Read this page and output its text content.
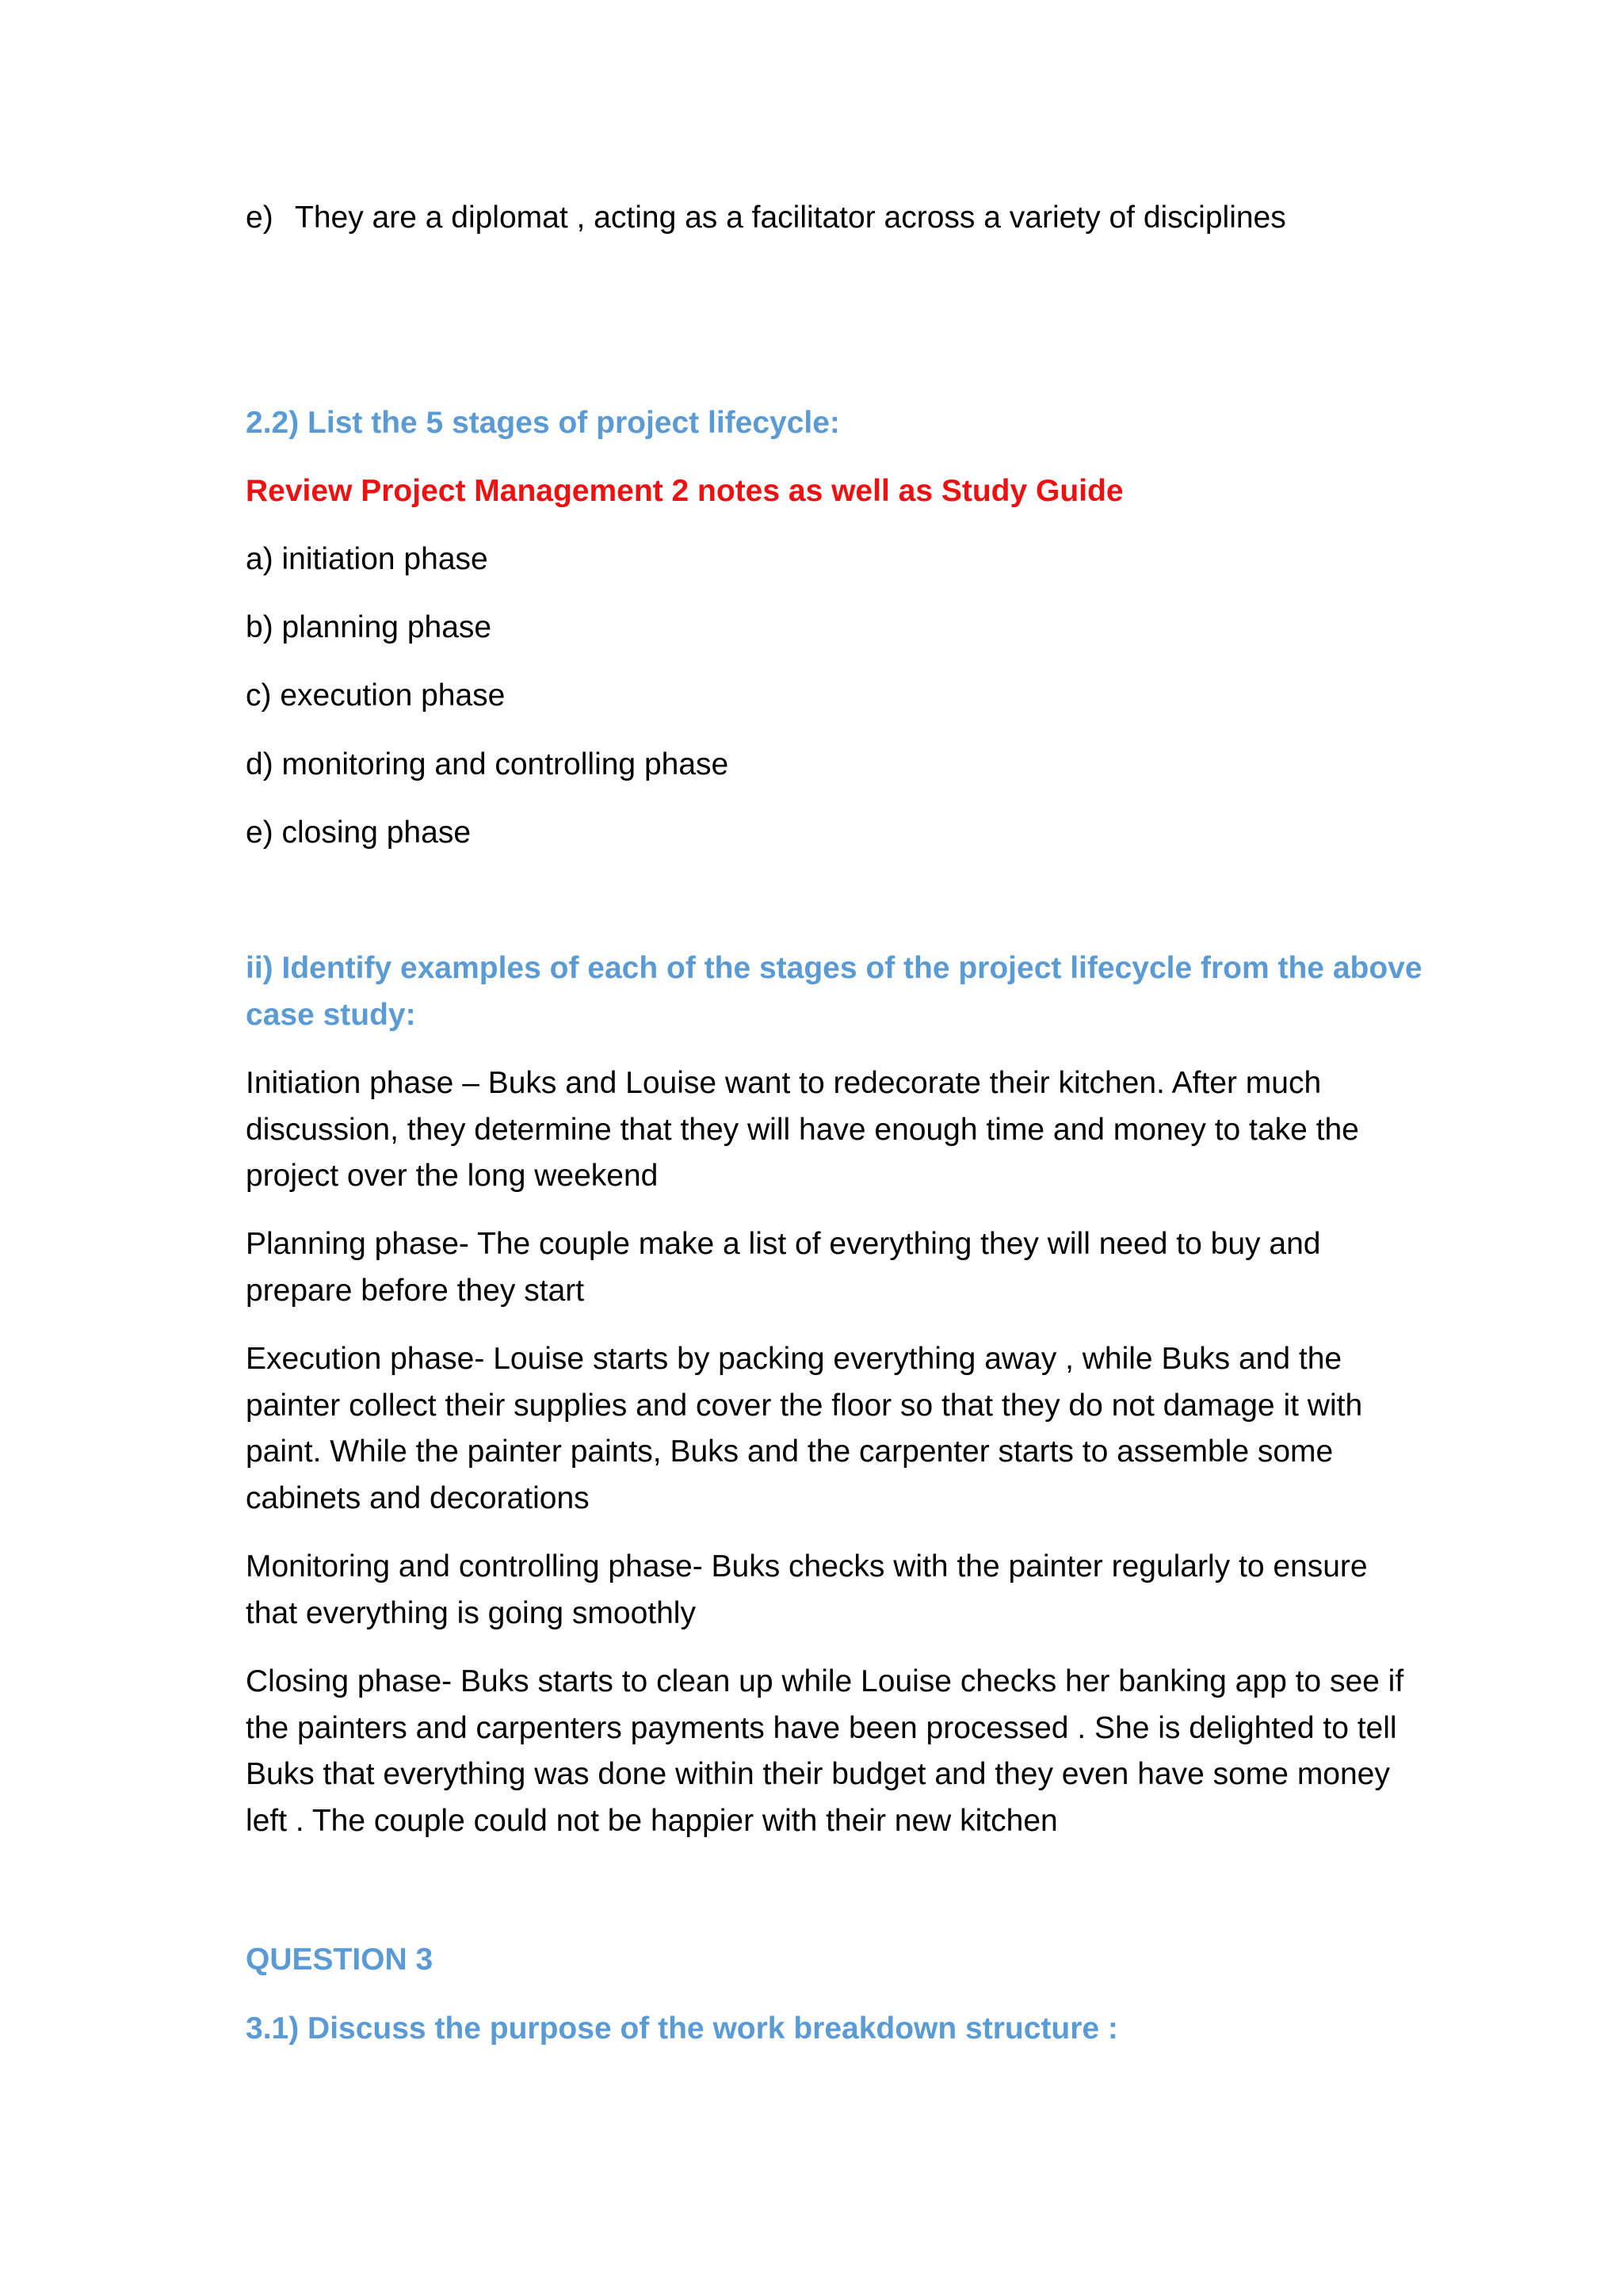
e) They are a diplomat , acting as a facilitator across a variety of disciplines

2.2) List the 5 stages of project lifecycle:

Review Project Management 2 notes as well as Study Guide

a) initiation phase

b) planning phase

c) execution phase

d) monitoring and controlling phase

e) closing phase

ii) Identify examples of each of the stages of the project lifecycle from the above
case study:
Initiation phase – Buks and Louise want to redecorate their kitchen. After much
discussion, they determine that they will have enough time and money to take the
project over the long weekend
Planning phase- The couple make a list of everything they will need to buy and
prepare before they start
Execution phase- Louise starts by packing everything away , while Buks and the
painter collect their supplies and cover the floor so that they do not damage it with
paint. While the painter paints, Buks and the carpenter starts to assemble some
cabinets and decorations
Monitoring and controlling phase- Buks checks with the painter regularly to ensure
that everything is going smoothly
Closing phase- Buks starts to clean up while Louise checks her banking app to see if
the painters and carpenters payments have been processed . She is delighted to tell
Buks that everything was done within their budget and they even have some money
left . The couple could not be happier with their new kitchen

QUESTION 3

3.1) Discuss the purpose of the work breakdown structure :
